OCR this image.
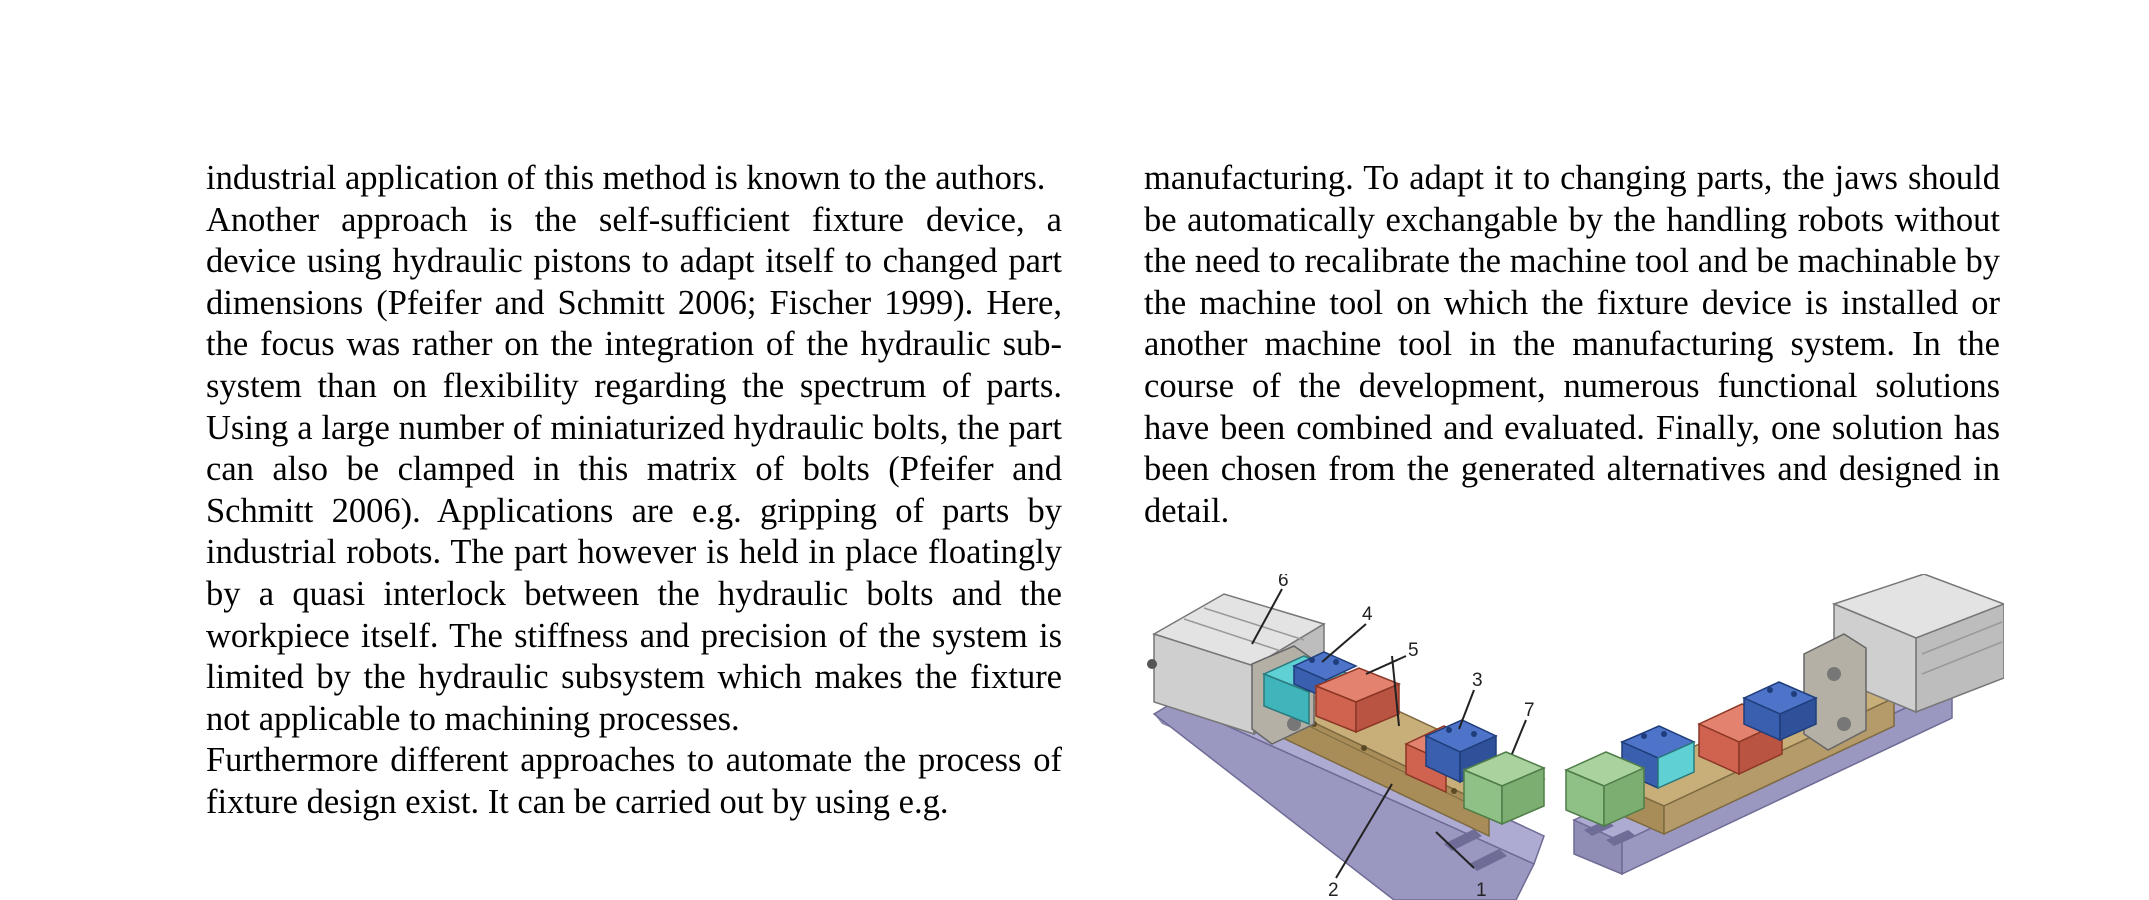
industrial application of this method is known to the authors.

Another approach is the self-sufficient fixture device, a device using hydraulic pistons to adapt itself to changed part dimensions (Pfeifer and Schmitt 2006; Fischer 1999). Here, the focus was rather on the integration of the hydraulic sub-system than on flexibility regarding the spectrum of parts. Using a large number of miniaturized hydraulic bolts, the part can also be clamped in this matrix of bolts (Pfeifer and Schmitt 2006). Applications are e.g. gripping of parts by industrial robots. The part however is held in place floatingly by a quasi interlock between the hydraulic bolts and the workpiece itself. The stiffness and precision of the system is limited by the hydraulic subsystem which makes the fixture not applicable to machining processes.

Furthermore different approaches to automate the process of fixture design exist. It can be carried out by using e.g.

manufacturing. To adapt it to changing parts, the jaws should be automatically exchangable by the handling robots without the need to recalibrate the machine tool and be machinable by the machine tool on which the fixture device is installed or another machine tool in the manufacturing system. In the course of the development, numerous functional solutions have been combined and evaluated. Finally, one solution has been chosen from the generated alternatives and designed in detail.

6
4
5
3
7
2	1
